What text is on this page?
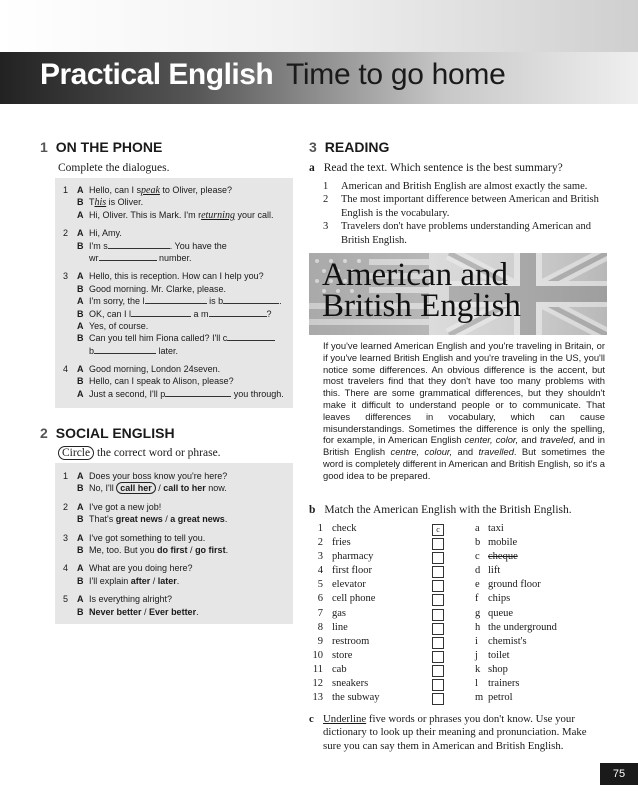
Practical English Time to go home
1 ON THE PHONE
Complete the dialogues.
1 A Hello, can I speak to Oliver, please?
B This is Oliver.
A Hi, Oliver. This is Mark. I'm returning your call.
2 A Hi, Amy.
B I'm s	. You have the
wr	number.
3 A Hello, this is reception. How can I help you?
B Good morning. Mr. Clarke, please.
A I'm sorry, the l	is b	.
B OK, can I l	a m	?
A Yes, of course.
B Can you tell him Fiona called? I'll c
b	later.
4 A Good morning, London 24seven.
B Hello, can I speak to Alison, please?
A Just a second, I'll p	you through.
2 SOCIAL ENGLISH
Circle the correct word or phrase.
1 A Does your boss know you're here?
B No, I'll call her / call to her now.
2 A I've got a new job!
B That's great news / a great news.
3 A I've got something to tell you.
B Me, too. But you do first / go first.
4 A What are you doing here?
B I'll explain after / later.
5 A Is everything alright?
B Never better / Ever better.
3 READING
a Read the text. Which sentence is the best summary?
1 American and British English are almost exactly the same.
2 The most important difference between American and British English is the vocabulary.
3 Travelers don't have problems understanding American and British English.
American and
British English
If you've learned American English and you're traveling in Britain, or if you've learned British English and you're traveling in the US, you'll notice some differences. An obvious difference is the accent, but most travelers find that they don't have too many problems with this. There are some grammatical differences, but they shouldn't make it difficult to understand people or to communicate. That leaves differences in vocabulary, which can cause misunderstandings. Sometimes the difference is only the spelling, for example, in American English center, color, and traveled, and in British English centre, colour, and travelled. But sometimes the word is completely different in American and British English, so it's a good idea to be prepared.
b Match the American English with the British English.
1 check	c	a taxi
2 fries	b mobile
3 pharmacy	c cheque
4 first floor	d lift
5 elevator	e ground floor
6 cell phone	f chips
7 gas	g queue
8 line	h the underground
9 restroom	i chemist's
10 store	j toilet
11 cab	k shop
12 sneakers	l trainers
13 the subway	m petrol
c Underline five words or phrases you don't know. Use your dictionary to look up their meaning and pronunciation. Make sure you can say them in American and British English.
75
